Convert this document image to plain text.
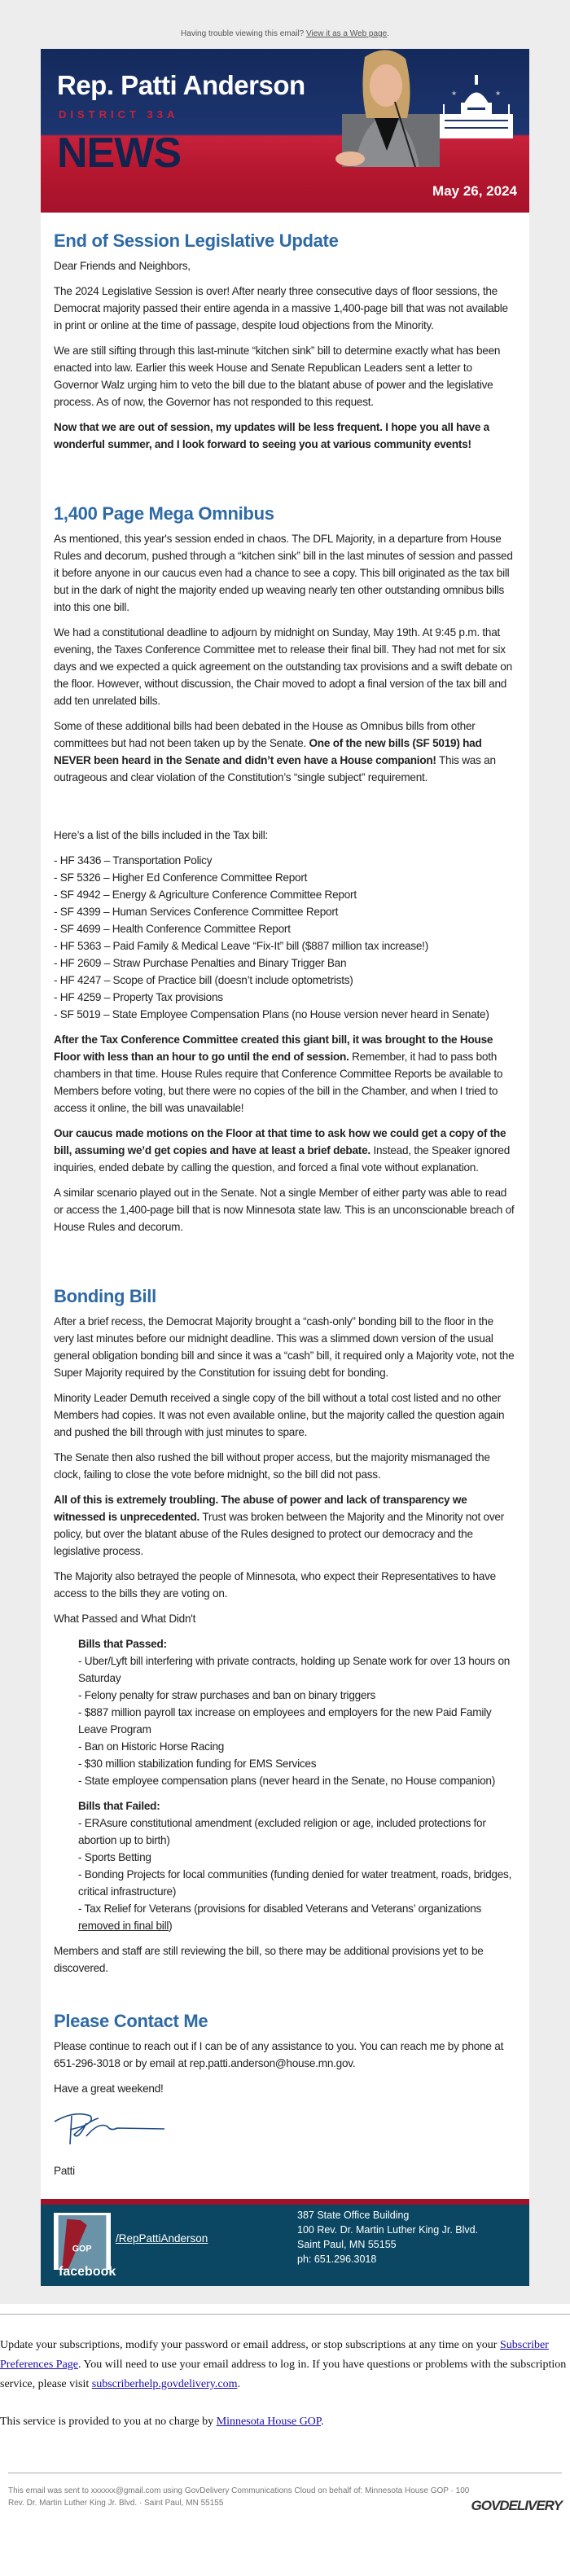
Having trouble viewing this email? View it as a Web page.
Rep. Patti Anderson
DISTRICT 33A
NEWS
★	★
May 26, 2024
End of Session Legislative Update

Dear Friends and Neighbors,

The 2024 Legislative Session is over! After nearly three consecutive days of floor sessions, the Democrat majority passed their entire agenda in a massive 1,400-page bill that was not available in print or online at the time of passage, despite loud objections from the Minority.

We are still sifting through this last-minute “kitchen sink” bill to determine exactly what has been enacted into law. Earlier this week House and Senate Republican Leaders sent a letter to Governor Walz urging him to veto the bill due to the blatant abuse of power and the legislative process. As of now, the Governor has not responded to this request.

Now that we are out of session, my updates will be less frequent. I hope you all have a wonderful summer, and I look forward to seeing you at various community events!

1,400 Page Mega Omnibus

As mentioned, this year's session ended in chaos. The DFL Majority, in a departure from House Rules and decorum, pushed through a “kitchen sink” bill in the last minutes of session and passed it before anyone in our caucus even had a chance to see a copy. This bill originated as the tax bill but in the dark of night the majority ended up weaving nearly ten other outstanding omnibus bills into this one bill.

We had a constitutional deadline to adjourn by midnight on Sunday, May 19th. At 9:45 p.m. that evening, the Taxes Conference Committee met to release their final bill. They had not met for six days and we expected a quick agreement on the outstanding tax provisions and a swift debate on the floor. However, without discussion, the Chair moved to adopt a final version of the tax bill and add ten unrelated bills.

Some of these additional bills had been debated in the House as Omnibus bills from other committees but had not been taken up by the Senate. One of the new bills (SF 5019) had NEVER been heard in the Senate and didn’t even have a House companion! This was an outrageous and clear violation of the Constitution’s “single subject” requirement.

Here’s a list of the bills included in the Tax bill:

- HF 3436 – Transportation Policy
- SF 5326 – Higher Ed Conference Committee Report
- SF 4942 – Energy & Agriculture Conference Committee Report
- SF 4399 – Human Services Conference Committee Report
- SF 4699 – Health Conference Committee Report
- HF 5363 – Paid Family & Medical Leave “Fix-It” bill ($887 million tax increase!)
- HF 2609 – Straw Purchase Penalties and Binary Trigger Ban
- HF 4247 – Scope of Practice bill (doesn’t include optometrists)
- HF 4259 – Property Tax provisions
- SF 5019 – State Employee Compensation Plans (no House version never heard in Senate)

After the Tax Conference Committee created this giant bill, it was brought to the House Floor with less than an hour to go until the end of session. Remember, it had to pass both chambers in that time. House Rules require that Conference Committee Reports be available to Members before voting, but there were no copies of the bill in the Chamber, and when I tried to access it online, the bill was unavailable!

Our caucus made motions on the Floor at that time to ask how we could get a copy of the bill, assuming we’d get copies and have at least a brief debate. Instead, the Speaker ignored inquiries, ended debate by calling the question, and forced a final vote without explanation.

A similar scenario played out in the Senate. Not a single Member of either party was able to read or access the 1,400-page bill that is now Minnesota state law. This is an unconscionable breach of House Rules and decorum.

Bonding Bill

After a brief recess, the Democrat Majority brought a “cash-only” bonding bill to the floor in the very last minutes before our midnight deadline. This was a slimmed down version of the usual general obligation bonding bill and since it was a “cash” bill, it required only a Majority vote, not the Super Majority required by the Constitution for issuing debt for bonding.

Minority Leader Demuth received a single copy of the bill without a total cost listed and no other Members had copies. It was not even available online, but the majority called the question again and pushed the bill through with just minutes to spare.

The Senate then also rushed the bill without proper access, but the majority mismanaged the clock, failing to close the vote before midnight, so the bill did not pass.

All of this is extremely troubling. The abuse of power and lack of transparency we witnessed is unprecedented. Trust was broken between the Majority and the Minority not over policy, but over the blatant abuse of the Rules designed to protect our democracy and the legislative process.

The Majority also betrayed the people of Minnesota, who expect their Representatives to have access to the bills they are voting on.

What Passed and What Didn't

Bills that Passed:
- Uber/Lyft bill interfering with private contracts, holding up Senate work for over 13 hours on Saturday
- Felony penalty for straw purchases and ban on binary triggers
- $887 million payroll tax increase on employees and employers for the new Paid Family Leave Program
- Ban on Historic Horse Racing
- $30 million stabilization funding for EMS Services
- State employee compensation plans (never heard in the Senate, no House companion)
Bills that Failed:
- ERAsure constitutional amendment (excluded religion or age, included protections for abortion up to birth)
- Sports Betting
- Bonding Projects for local communities (funding denied for water treatment, roads, bridges, critical infrastructure)
- Tax Relief for Veterans (provisions for disabled Veterans and Veterans’ organizations removed in final bill)

Members and staff are still reviewing the bill, so there may be additional provisions yet to be discovered.

Please Contact Me

Please continue to reach out if I can be of any assistance to you. You can reach me by phone at 651-296-3018 or by email at rep.patti.anderson@house.mn.gov.

Have a great weekend!

Patti

GOP
/RepPattiAnderson
387 State Office Building
100 Rev. Dr. Martin Luther King Jr. Blvd.
Saint Paul, MN 55155
ph: 651.296.3018
facebook

Update your subscriptions, modify your password or email address, or stop subscriptions at any time on your Subscriber Preferences Page. You will need to use your email address to log in. If you have questions or problems with the subscription service, please visit subscriberhelp.govdelivery.com.

This service is provided to you at no charge by Minnesota House GOP.

This email was sent to xxxxxx@gmail.com using GovDelivery Communications Cloud on behalf of: Minnesota House GOP · 100 Rev. Dr. Martin Luther King Jr. Blvd. · Saint Paul, MN 55155	GOVDELIVERY
